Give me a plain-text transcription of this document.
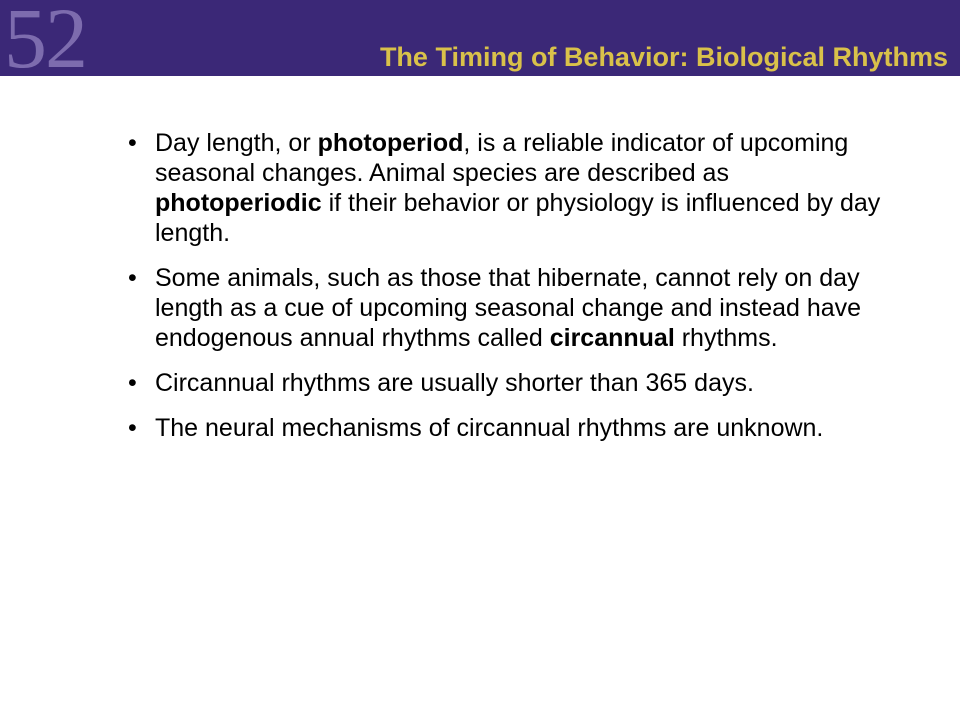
52	The Timing of Behavior: Biological Rhythms
• Day length, or photoperiod, is a reliable indicator of upcoming seasonal changes. Animal species are described as photoperiodic if their behavior or physiology is influenced by day length.
• Some animals, such as those that hibernate, cannot rely on day length as a cue of upcoming seasonal change and instead have endogenous annual rhythms called circannual rhythms.
• Circannual rhythms are usually shorter than 365 days.
• The neural mechanisms of circannual rhythms are unknown.
